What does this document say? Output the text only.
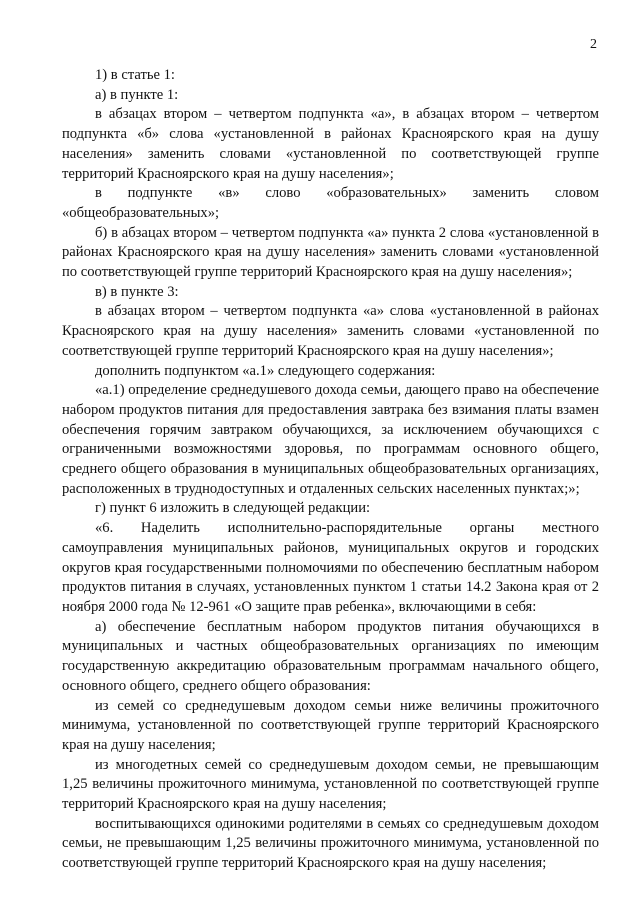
2

1) в статье 1:

а) в пункте 1:

в абзацах втором – четвертом подпункта «а», в абзацах втором – четвертом подпункта «б» слова «установленной в районах Красноярского края на душу населения» заменить словами «установленной по соответствующей группе территорий Красноярского края на душу населения»;

в подпункте «в» слово «образовательных» заменить словом «общеобразовательных»;

б) в абзацах втором – четвертом подпункта «а» пункта 2 слова «установленной в районах Красноярского края на душу населения» заменить словами «установленной по соответствующей группе территорий Красноярского края на душу населения»;

в) в пункте 3:

в абзацах втором – четвертом подпункта «а» слова «установленной в районах Красноярского края на душу населения» заменить словами «установленной по соответствующей группе территорий Красноярского края на душу населения»;

дополнить подпунктом «а.1» следующего содержания:

«а.1) определение среднедушевого дохода семьи, дающего право на обеспечение набором продуктов питания для предоставления завтрака без взимания платы взамен обеспечения горячим завтраком обучающихся, за исключением обучающихся с ограниченными возможностями здоровья, по программам основного общего, среднего общего образования в муниципальных общеобразовательных организациях, расположенных в труднодоступных и отдаленных сельских населенных пунктах;»;

г) пункт 6 изложить в следующей редакции:

«6. Наделить исполнительно-распорядительные органы местного самоуправления муниципальных районов, муниципальных округов и городских округов края государственными полномочиями по обеспечению бесплатным набором продуктов питания в случаях, установленных пунктом 1 статьи 14.2 Закона края от 2 ноября 2000 года № 12-961 «О защите прав ребенка», включающими в себя:

а) обеспечение бесплатным набором продуктов питания обучающихся в муниципальных и частных общеобразовательных организациях по имеющим государственную аккредитацию образовательным программам начального общего, основного общего, среднего общего образования:

из семей со среднедушевым доходом семьи ниже величины прожиточного минимума, установленной по соответствующей группе территорий Красноярского края на душу населения;

из многодетных семей со среднедушевым доходом семьи, не превышающим 1,25 величины прожиточного минимума, установленной по соответствующей группе территорий Красноярского края на душу населения;

воспитывающихся одинокими родителями в семьях со среднедушевым доходом семьи, не превышающим 1,25 величины прожиточного минимума, установленной по соответствующей группе территорий Красноярского края на душу населения;
